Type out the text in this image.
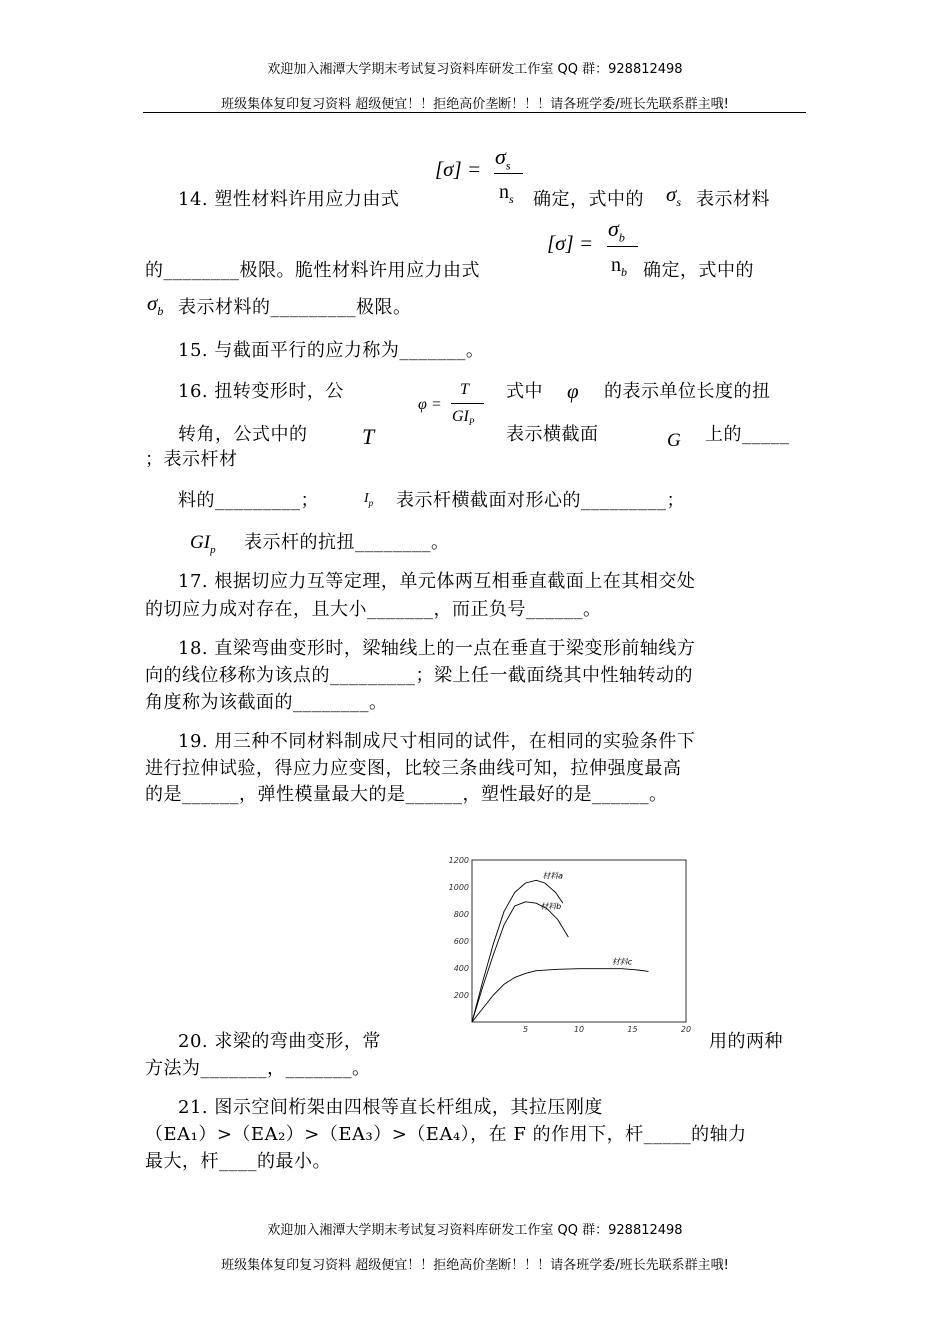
欢迎加入湘潭大学期末考试复习资料库研发工作室 QQ 群：928812498
班级集体复印复习资料 超级便宜！！拒绝高价垄断！！！请各班学委/班长先联系群主哦!
$[\sigma] = \sigma_s$
$n_s$
14. 塑性材料许用应力由式	确定，式中的 $\sigma_s$ 表示材料
[σ] =
$\sigma_b$
$n_b$
的________极限。脆性材料许用应力由式	确定，式中的
$\sigma_b$ 表示材料的_________极限。
15. 与截面平行的应力称为_______。
16. 扭转变形时，公
φ =
T
$GI_P$
式中 φ 的表示单位长度的扭
转角，公式中的 T	表示横截面	G 上的_____
；表示杆材
料的_________；	$I_p$ 表示杆横截面对形心的_________；
$GI_p$ 表示杆的抗扭________。
17. 根据切应力互等定理，单元体两互相垂直截面上在其相交处
的切应力成对存在，且大小_______，而正负号______。
18. 直梁弯曲变形时，梁轴线上的一点在垂直于梁变形前轴线方
向的线位移称为该点的_________；梁上任一截面绕其中性轴转动的
角度称为该截面的________。
19. 用三种不同材料制成尺寸相同的试件，在相同的实验条件下
进行拉伸试验，得应力应变图，比较三条曲线可知，拉伸强度最高
的是______，弹性模量最大的是______，塑性最好的是______。
200
400
600
800
1000
1200
5	10	15	20
材料a
材料b
材料c
20. 求梁的弯曲变形，常	用的两种
方法为_______，_______。
21. 图示空间桁架由四根等直长杆组成，其拉压刚度
（EA₁）>（EA₂）>（EA₃）>（EA₄），在 F 的作用下，杆_____的轴力
最大，杆____的最小。
欢迎加入湘潭大学期末考试复习资料库研发工作室 QQ 群：928812498
班级集体复印复习资料 超级便宜！！拒绝高价垄断！！！请各班学委/班长先联系群主哦!
